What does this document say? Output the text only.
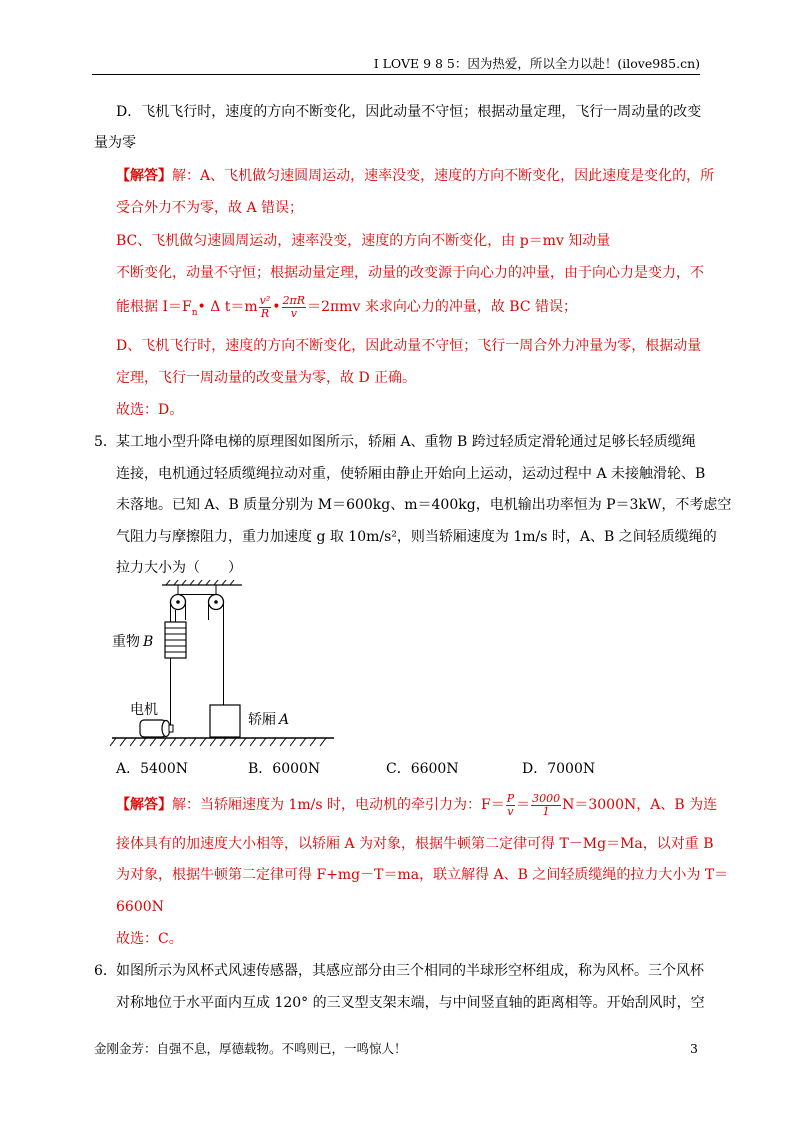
I LOVE 9 8 5：因为热爱，所以全力以赴！(ilove985.cn)
D．飞机飞行时，速度的方向不断变化，因此动量不守恒；根据动量定理，飞行一周动量的改变
量为零
【解答】解：A、飞机做匀速圆周运动，速率没变，速度的方向不断变化，因此速度是变化的，所
受合外力不为零，故 A 错误；
BC、飞机做匀速圆周运动，速率没变，速度的方向不断变化，由 p＝mv 知动量
不断变化，动量不守恒；根据动量定理，动量的改变源于向心力的冲量，由于向心力是变力，不
能根据 $I=F_n•$ Δ $t=m \frac{\text{v²}}{R}$ • $\frac{2\pi R}{v} =2\pi mv$ 来求向心力的冲量，故 BC 错误；
D、飞机飞行时，速度的方向不断变化，因此动量不守恒；飞行一周合外力冲量为零，根据动量
定理，飞行一周动量的改变量为零，故 D 正确。
故选：D。
5． 某工地小型升降电梯的原理图如图所示，轿厢 A、重物 B 跨过轻质定滑轮通过足够长轻质缆绳
连接，电机通过轻质缆绳拉动对重，使轿厢由静止开始向上运动，运动过程中 A 未接触滑轮、B
未落地。已知 A、B 质量分别为 M＝600kg、m＝400kg，电机输出功率恒为 P＝3kW，不考虑空
气阻力与摩擦阻力，重力加速度 g 取 10m/s²，则当轿厢速度为 1m/s 时，A、B 之间轻质缆绳的
拉力大小为（　　）
重物 B
轿厢 A
电机
A．5400N	B．6000N	C．6600N	D．7000N
【解答】解：当轿厢速度为 1m/s 时，电动机的牵引力为：$F= \frac{P}{v} = \frac{3000}{1} N=3000N$，A、B 为连
接体具有的加速度大小相等，以轿厢 A 为对象，根据牛顿第二定律可得 T－Mg＝Ma，以对重 B
为对象，根据牛顿第二定律可得 F+mg－T＝ma，联立解得 A、B 之间轻质缆绳的拉力大小为 T＝
6600N
故选：C。
6． 如图所示为风杯式风速传感器，其感应部分由三个相同的半球形空杯组成，称为风杯。三个风杯
对称地位于水平面内互成 120° 的三叉型支架末端，与中间竖直轴的距离相等。开始刮风时，空
金刚金芳：自强不息，厚德载物。不鸣则已，一鸣惊人！	3
